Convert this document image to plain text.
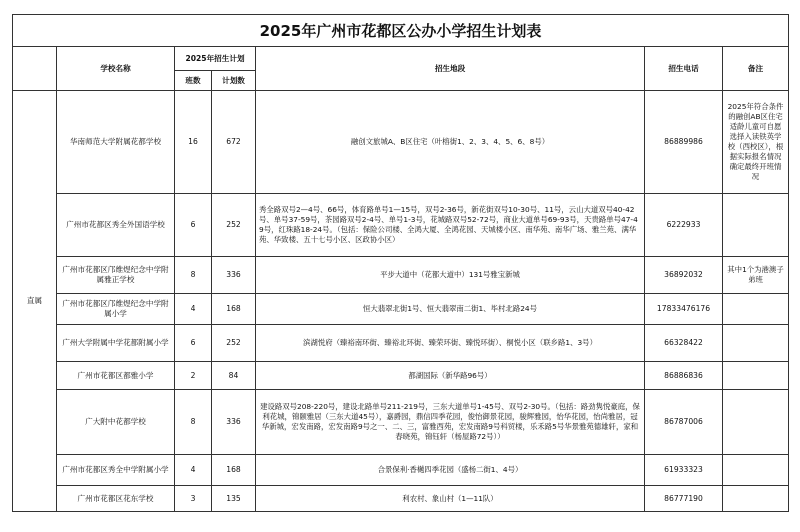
2025年广州市花都区公办小学招生计划表						
	学校名称	2025年招生计划		招生地段	招生电话	备注
		班数	计划数			
直属	华南师范大学附属花都学校	16	672	融创文旅城A、B区住宅（叶榕街1、2、3、4、5、6、8号）	86889986	2025年符合条件的融创AB区住宅适龄儿童可自愿选择入读铁英学校（西校区），根据实际报名情况确定最终开班情况
	广州市花都区秀全外国语学校	6	252	秀全路双号2—4号、66号，体育路单号1—15号，双号2-36号，新花街双号10-30号、11号，云山大道双号40-42号、单号37-59号，茶园路双号2-4号、单号1-3号，花城路双号52-72号，商业大道单号69-93号，天贵路单号47-49号，红珠路18-24号。（包括：保险公司楼、全鸿大厦、全鸿花园、天城楼小区、南华苑、南华广场、雅兰苑、满华苑、华致楼、五十七号小区、区政协小区）	6222933	
	广州市花都区邝维煜纪念中学附属雅正学校	8	336	平步大道中（花都大道中）131号雅宝新城	36892032	其中1个为港澳子弟班
	广州市花都区邝维煜纪念中学附属小学	4	168	恒大翡翠北街1号、恒大翡翠南二街1、毕村北路24号	17833476176	
	广州大学附属中学花都附属小学	6	252	滨湖悦府（臻裕南环街、臻裕北环街、臻荣环街、臻悦环街）、桐悦小区（联乡路1、3号）	66328422	
	广州市花都区都雅小学	2	84	都湖国际（新华路96号）	86886836	
	广大附中花都学校	8	336	建设路双号208-220号，建设北路单号211-219号，三东大道单号1-45号、双号2-30号。（包括：路劲隽悦豪庭，保利花城，锦颐雅居（三东大道45号），嘉爵园，鼎信四季花园，俊怡御景花园，骏辉雅园，怡华花园，怡尚雅居，冠华新城，宏发南路，宏发南路9号之一、二、三，富雅西苑，宏发南路9号科贸楼，乐禾路5号华景雅苑德雄轩，家和春晓苑，锦钰轩（杨屋路72号））	86787006	
	广州市花都区秀全中学附属小学	4	168	合景保利·香樾四季花园（盛杨二街1、4号）	61933323	
	广州市花都区花东学校	3	135	利农村、象山村（1—11队）	86777190	
